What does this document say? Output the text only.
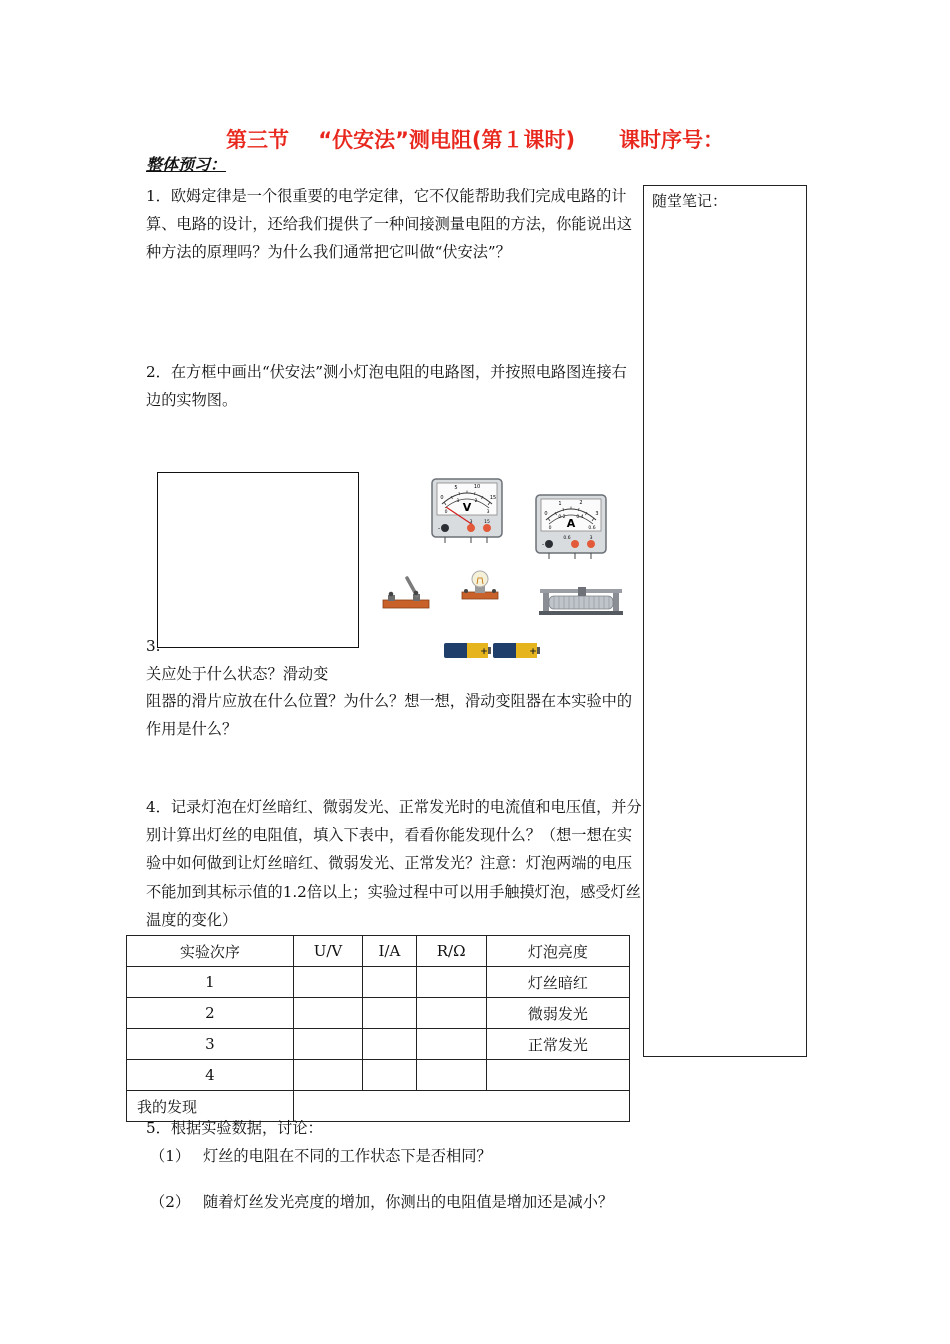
第三节    “伏安法”测电阻(第１课时)      课时序号：
整体预习：
1．欧姆定律是一个很重要的电学定律，它不仅能帮助我们完成电路的计算、电路的设计，还给我们提供了一种间接测量电阻的方法，你能说出这种方法的原理吗？为什么我们通常把它叫做“伏安法”？
2．在方框中画出“伏安法”测小灯泡电阻的电路图，并按照电路图连接右边的实物图。
随堂笔记：
V
0
5	10
15
0
1	2
3
-
3	15	A
0
1	2
3
0
0.2 0.4
0.6
-
0.6	3
+	+
3.
关应处于什么状态？滑动变
阻器的滑片应放在什么位置？为什么？想一想，滑动变阻器在本实验中的作用是什么？
4．记录灯泡在灯丝暗红、微弱发光、正常发光时的电流值和电压值，并分别计算出灯丝的电阻值，填入下表中，看看你能发现什么？（想一想在实验中如何做到让灯丝暗红、微弱发光、正常发光？注意：灯泡两端的电压不能加到其标示值的1.2倍以上；实验过程中可以用手触摸灯泡，感受灯丝温度的变化）
实验次序	U/V	I/A	R/Ω	灯泡亮度
1				灯丝暗红
2				微弱发光
3				正常发光
4				
我的发现				
5．根据实验数据，讨论：
（1） 灯丝的电阻在不同的工作状态下是否相同？
（2） 随着灯丝发光亮度的增加，你测出的电阻值是增加还是减小？
